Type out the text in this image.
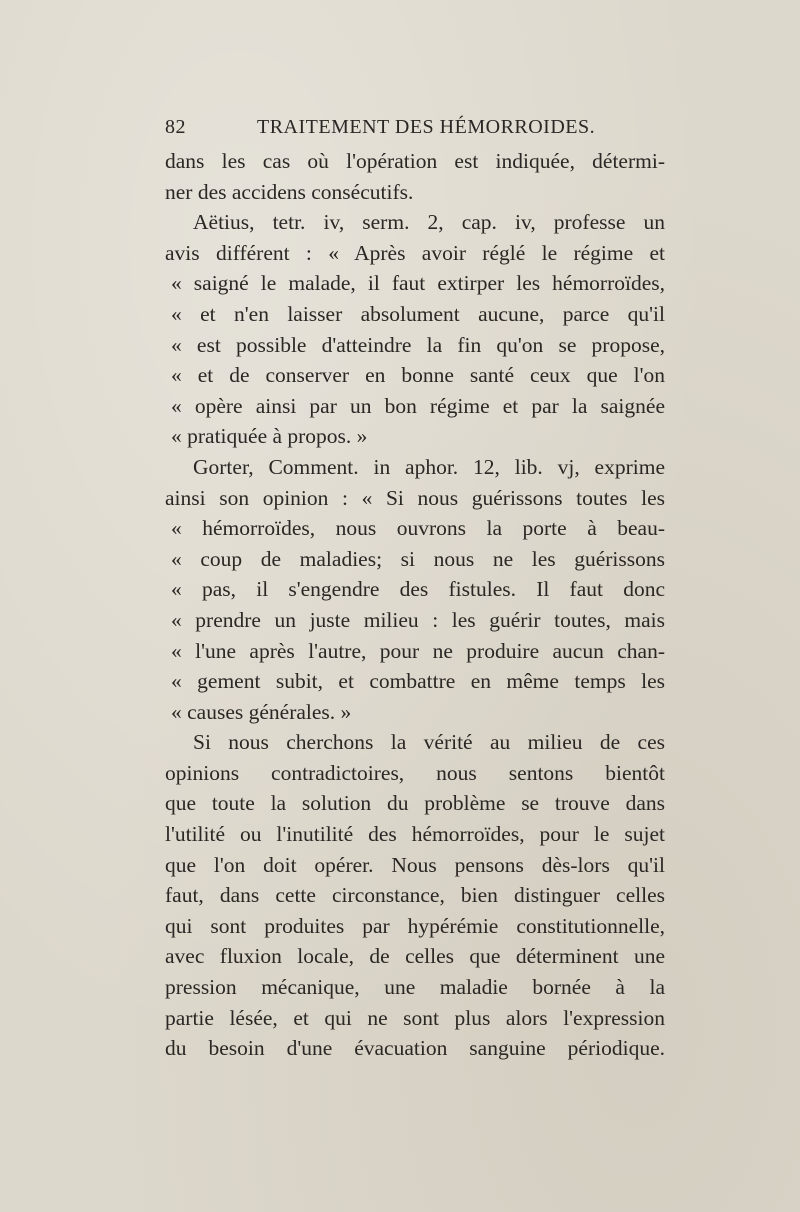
82	TRAITEMENT DES HÉMORROIDES.
dans les cas où l'opération est indiquée, détermi-
ner des accidens consécutifs.
Aëtius, tetr. iv, serm. 2, cap. iv, professe un
avis différent : « Après avoir réglé le régime et
« saigné le malade, il faut extirper les hémorroïdes,
« et n'en laisser absolument aucune, parce qu'il
« est possible d'atteindre la fin qu'on se propose,
« et de conserver en bonne santé ceux que l'on
« opère ainsi par un bon régime et par la saignée
« pratiquée à propos. »
Gorter, Comment. in aphor. 12, lib. vj, exprime
ainsi son opinion : « Si nous guérissons toutes les
« hémorroïdes, nous ouvrons la porte à beau-
« coup de maladies; si nous ne les guérissons
« pas, il s'engendre des fistules. Il faut donc
« prendre un juste milieu : les guérir toutes, mais
« l'une après l'autre, pour ne produire aucun chan-
« gement subit, et combattre en même temps les
« causes générales. »
Si nous cherchons la vérité au milieu de ces
opinions contradictoires, nous sentons bientôt
que toute la solution du problème se trouve dans
l'utilité ou l'inutilité des hémorroïdes, pour le sujet
que l'on doit opérer. Nous pensons dès-lors qu'il
faut, dans cette circonstance, bien distinguer celles
qui sont produites par hypérémie constitutionnelle,
avec fluxion locale, de celles que déterminent une
pression mécanique, une maladie bornée à la
partie lésée, et qui ne sont plus alors l'expression
du besoin d'une évacuation sanguine périodique.
